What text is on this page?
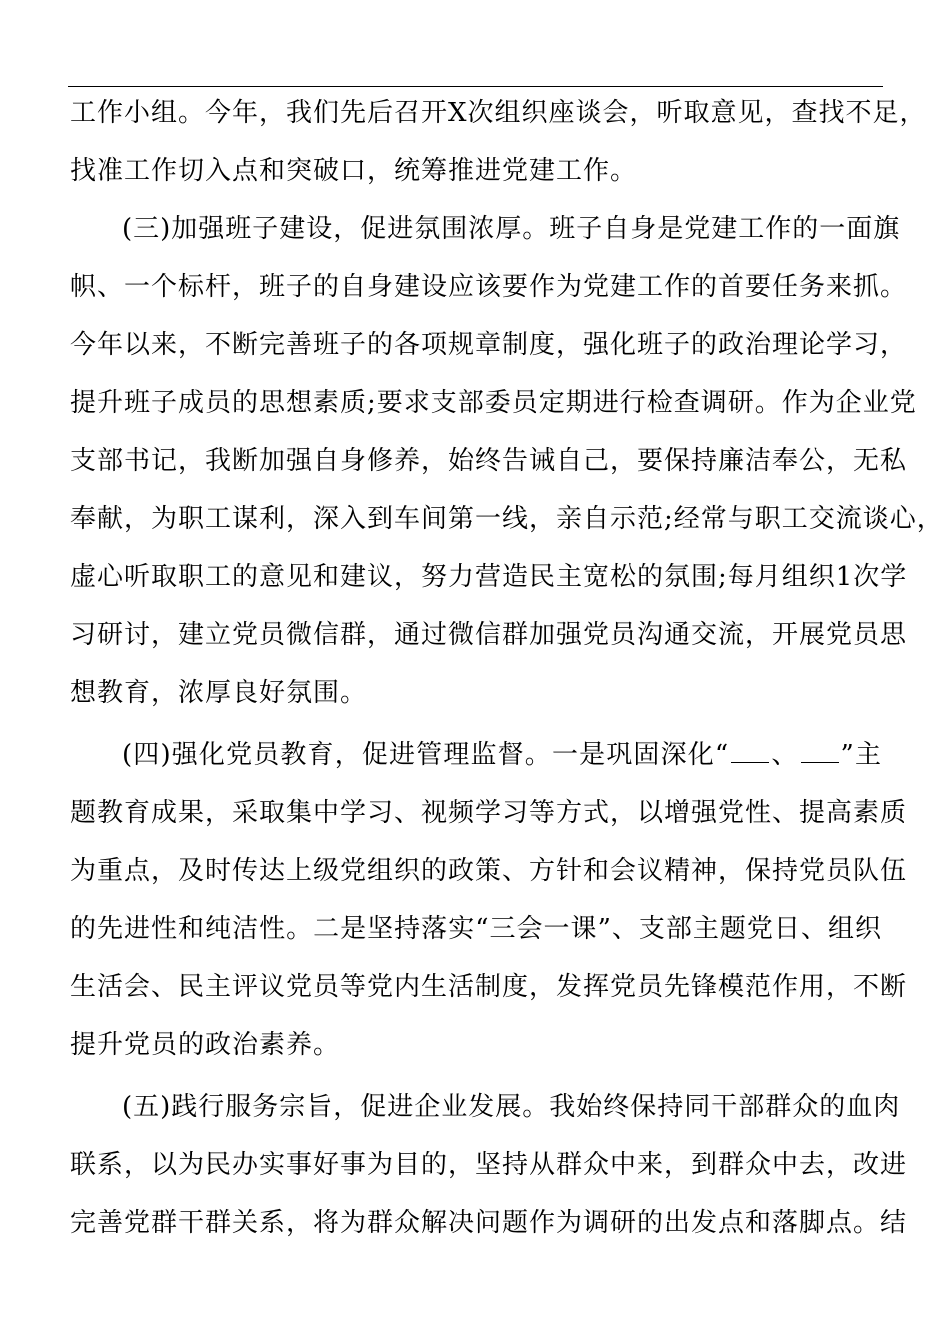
工作小组。今年，我们先后召开X次组织座谈会，听取意见，查找不足，
找准工作切入点和突破口，统筹推进党建工作。
(三)加强班子建设，促进氛围浓厚。班子自身是党建工作的一面旗
帜、一个标杆，班子的自身建设应该要作为党建工作的首要任务来抓。
今年以来，不断完善班子的各项规章制度，强化班子的政治理论学习，
提升班子成员的思想素质;要求支部委员定期进行检查调研。作为企业党
支部书记，我断加强自身修养，始终告诫自己，要保持廉洁奉公，无私
奉献，为职工谋利，深入到车间第一线，亲自示范;经常与职工交流谈心，
虚心听取职工的意见和建议，努力营造民主宽松的氛围;每月组织1次学
习研讨，建立党员微信群，通过微信群加强党员沟通交流，开展党员思
想教育，浓厚良好氛围。
(四)强化党员教育，促进管理监督。一是巩固深化“ 、 ”主
题教育成果，采取集中学习、视频学习等方式，以增强党性、提高素质
为重点，及时传达上级党组织的政策、方针和会议精神，保持党员队伍
的先进性和纯洁性。二是坚持落实“三会一课”、支部主题党日、组织
生活会、民主评议党员等党内生活制度，发挥党员先锋模范作用，不断
提升党员的政治素养。
(五)践行服务宗旨，促进企业发展。我始终保持同干部群众的血肉
联系，以为民办实事好事为目的，坚持从群众中来，到群众中去，改进
完善党群干群关系，将为群众解决问题作为调研的出发点和落脚点。结
